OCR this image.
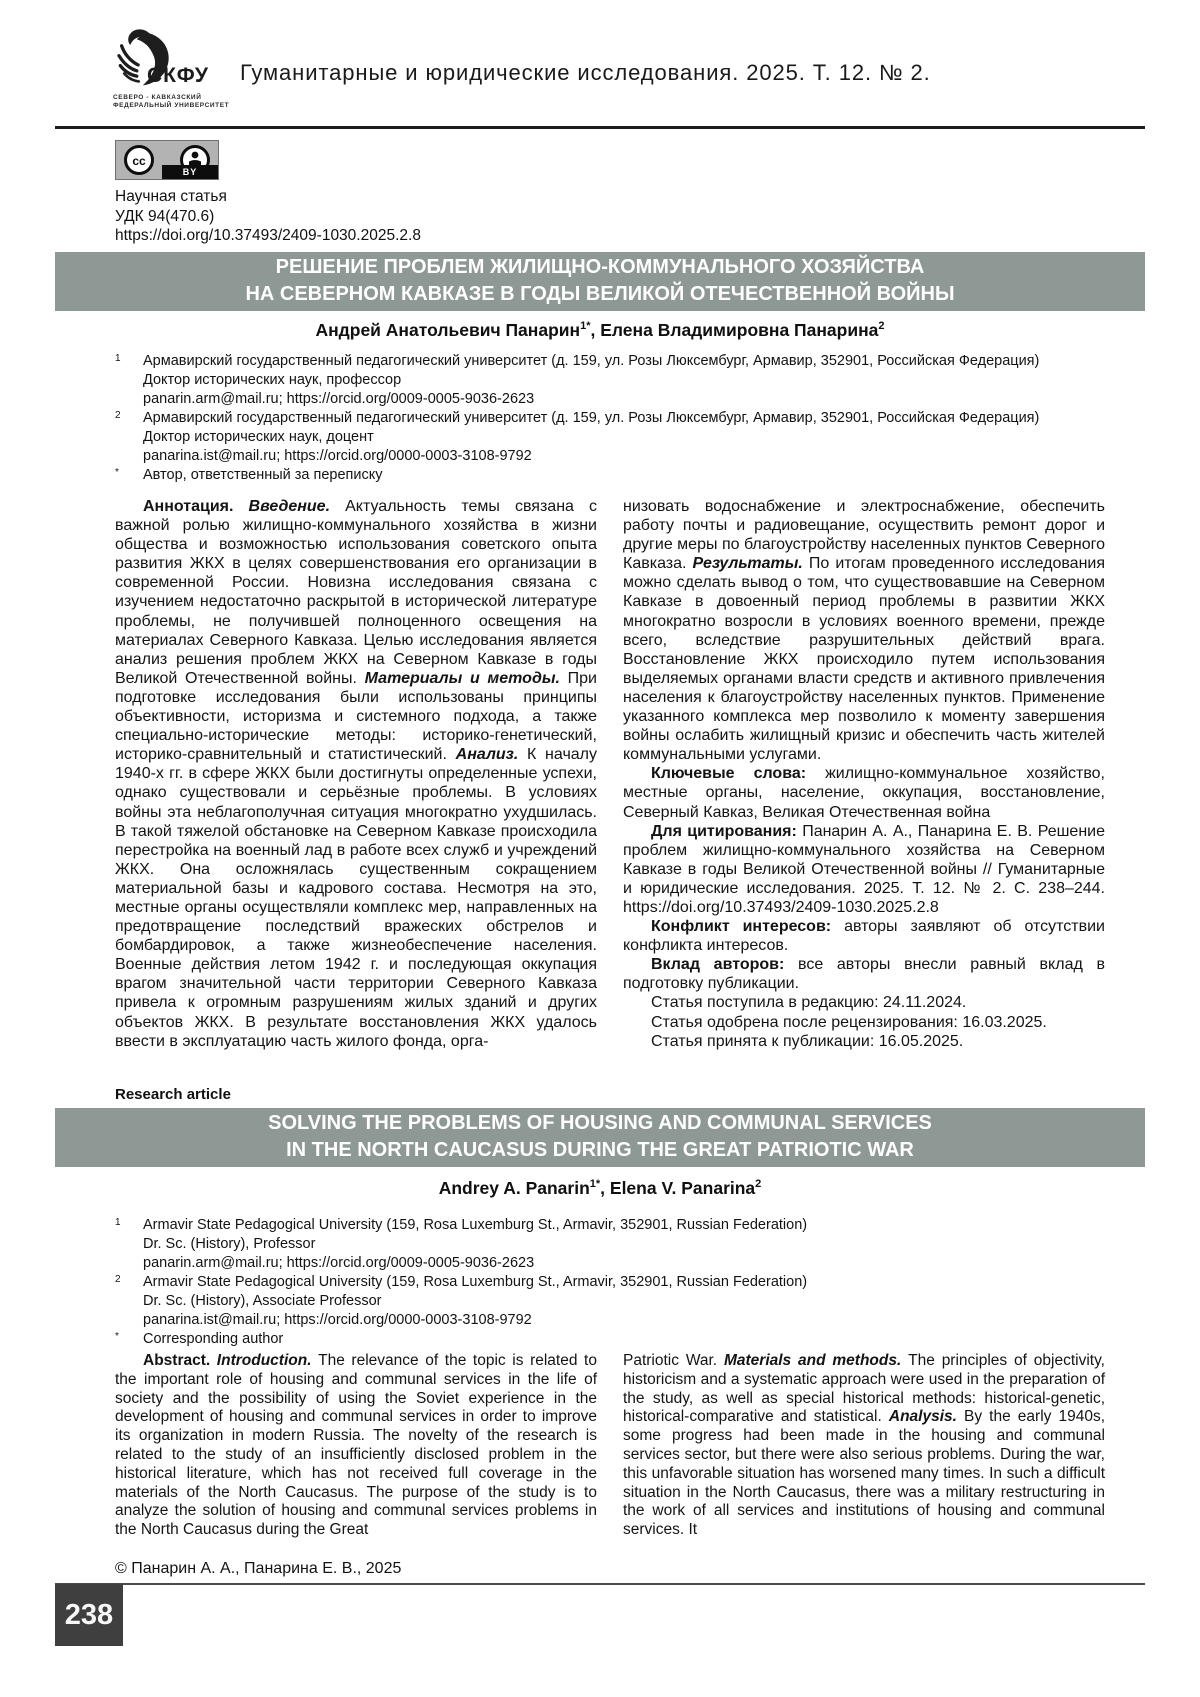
СКФУ
СЕВЕРО - КАВКАЗСКИЙ
ФЕДЕРАЛЬНЫЙ УНИВЕРСИТЕТ
Гуманитарные и юридические исследования. 2025. Т. 12. № 2.
cc
BY
Научная статья
УДК 94(470.6)
https://doi.org/10.37493/2409-1030.2025.2.8
РЕШЕНИЕ ПРОБЛЕМ ЖИЛИЩНО-КОММУНАЛЬНОГО ХОЗЯЙСТВА
НА СЕВЕРНОМ КАВКАЗЕ В ГОДЫ ВЕЛИКОЙ ОТЕЧЕСТВЕННОЙ ВОЙНЫ
Андрей Анатольевич Панарин$^{1*}$, Елена Владимировна Панарина$^2$
$^1$	Армавирский государственный педагогический университет (д. 159, ул. Розы Люксембург, Армавир, 352901, Российская Федерация)
Доктор исторических наук, профессор
panarin.arm@mail.ru; https://orcid.org/0009-0005-9036-2623
$^2$	Армавирский государственный педагогический университет (д. 159, ул. Розы Люксембург, Армавир, 352901, Российская Федерация)
Доктор исторических наук, доцент
panarina.ist@mail.ru; https://orcid.org/0000-0003-3108-9792
*	Автор, ответственный за переписку

Аннотация. Введение. Актуальность темы связана с важной ролью жилищно-коммунального хозяйства в жизни общества и возможностью использования советского опыта развития ЖКХ в целях совершенствования его организации в современной России. Новизна исследования связана с изучением недостаточно раскрытой в исторической литературе проблемы, не получившей полноценного освещения на материалах Северного Кавказа. Целью исследования является анализ решения проблем ЖКХ на Северном Кавказе в годы Великой Отечественной войны. Материалы и методы. При подготовке исследования были использованы принципы объективности, историзма и системного подхода, а также специально-исторические методы: историко-генетический, историко-сравнительный и статистический. Анализ. К началу 1940-х гг. в сфере ЖКХ были достигнуты определенные успехи, однако существовали и серьёзные проблемы. В условиях войны эта неблагополучная ситуация многократно ухудшилась. В такой тяжелой обстановке на Северном Кавказе происходила перестройка на военный лад в работе всех служб и учреждений ЖКХ. Она осложнялась существенным сокращением материальной базы и кадрового состава. Несмотря на это, местные органы осуществляли комплекс мер, направленных на предотвращение последствий вражеских обстрелов и бомбардировок, а также жизнеобеспечение населения. Военные действия летом 1942 г. и последующая оккупация врагом значительной части территории Северного Кавказа привела к огромным разрушениям жилых зданий и других объектов ЖКХ. В результате восстановления ЖКХ удалось ввести в эксплуатацию часть жилого фонда, орга-

низовать водоснабжение и электроснабжение, обеспечить работу почты и радиовещание, осуществить ремонт дорог и другие меры по благоустройству населенных пунктов Северного Кавказа. Результаты. По итогам проведенного исследования можно сделать вывод о том, что существовавшие на Северном Кавказе в довоенный период проблемы в развитии ЖКХ многократно возросли в условиях военного времени, прежде всего, вследствие разрушительных действий врага. Восстановление ЖКХ происходило путем использования выделяемых органами власти средств и активного привлечения населения к благоустройству населенных пунктов. Применение указанного комплекса мер позволило к моменту завершения войны ослабить жилищный кризис и обеспечить часть жителей коммунальными услугами.

Ключевые слова: жилищно-коммунальное хозяйство, местные органы, население, оккупация, восстановление, Северный Кавказ, Великая Отечественная война

Для цитирования: Панарин А. А., Панарина Е. В. Решение проблем жилищно-коммунального хозяйства на Северном Кавказе в годы Великой Отечественной войны // Гуманитарные и юридические исследования. 2025. Т. 12. № 2. С. 238–244. https://doi.org/10.37493/2409-1030.2025.2.8

Конфликт интересов: авторы заявляют об отсутствии конфликта интересов.

Вклад авторов: все авторы внесли равный вклад в подготовку публикации.

Статья поступила в редакцию: 24.11.2024.

Статья одобрена после рецензирования: 16.03.2025.

Статья принята к публикации: 16.05.2025.

Research article
SOLVING THE PROBLEMS OF HOUSING AND COMMUNAL SERVICES
IN THE NORTH CAUCASUS DURING THE GREAT PATRIOTIC WAR
Andrey A. Panarin$^{1*}$, Elena V. Panarina$^2$
$^1$	Armavir State Pedagogical University (159, Rosa Luxemburg St., Armavir, 352901, Russian Federation)
Dr. Sc. (History), Professor
panarin.arm@mail.ru; https://orcid.org/0009-0005-9036-2623
$^2$	Armavir State Pedagogical University (159, Rosa Luxemburg St., Armavir, 352901, Russian Federation)
Dr. Sc. (History), Associate Professor
panarina.ist@mail.ru; https://orcid.org/0000-0003-3108-9792
*	Corresponding author

Abstract. Introduction. The relevance of the topic is related to the important role of housing and communal services in the life of society and the possibility of using the Soviet experience in the development of housing and communal services in order to improve its organization in modern Russia. The novelty of the research is related to the study of an insufficiently disclosed problem in the historical literature, which has not received full coverage in the materials of the North Caucasus. The purpose of the study is to analyze the solution of housing and communal services problems in the North Caucasus during the Great

Patriotic War. Materials and methods. The principles of objectivity, historicism and a systematic approach were used in the preparation of the study, as well as special historical methods: historical-genetic, historical-comparative and statistical. Analysis. By the early 1940s, some progress had been made in the housing and communal services sector, but there were also serious problems. During the war, this unfavorable situation has worsened many times. In such a difficult situation in the North Caucasus, there was a military restructuring in the work of all services and institutions of housing and communal services. It

© Панарин А. А., Панарина Е. В., 2025
238
